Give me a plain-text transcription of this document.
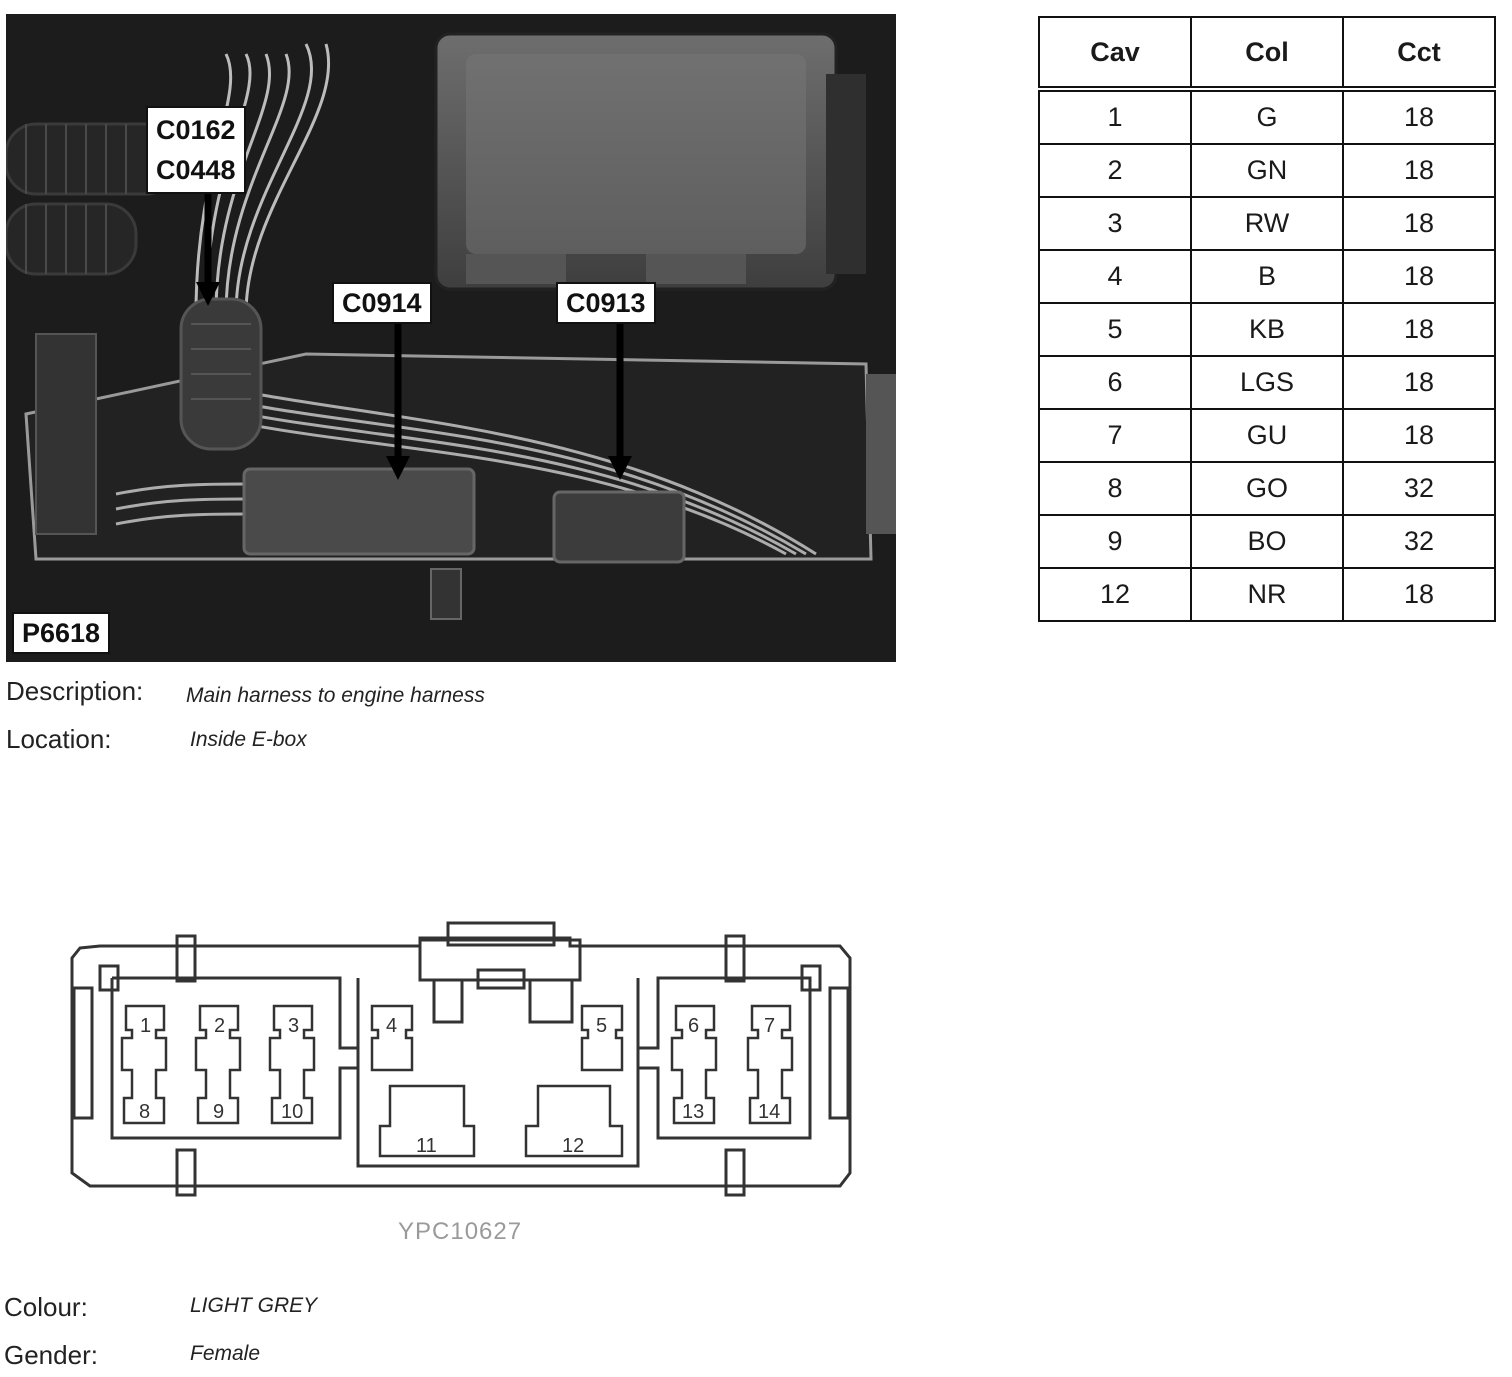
C0162
C0448
C0914	C0913
P6618
Description: Main harness to engine harness
Location:	Inside E-box
Cav	Col	Cct
1	G	18
2	GN	18
3	RW	18
4	B	18
5	KB	18
6	LGS	18
7	GU	18
8	GO	32
9	BO	32
12	NR	18
1	2	3	4	5	6	7
8	9	10
11	12
13	14
YPC10627
Colour:	LIGHT GREY
Gender:	Female
